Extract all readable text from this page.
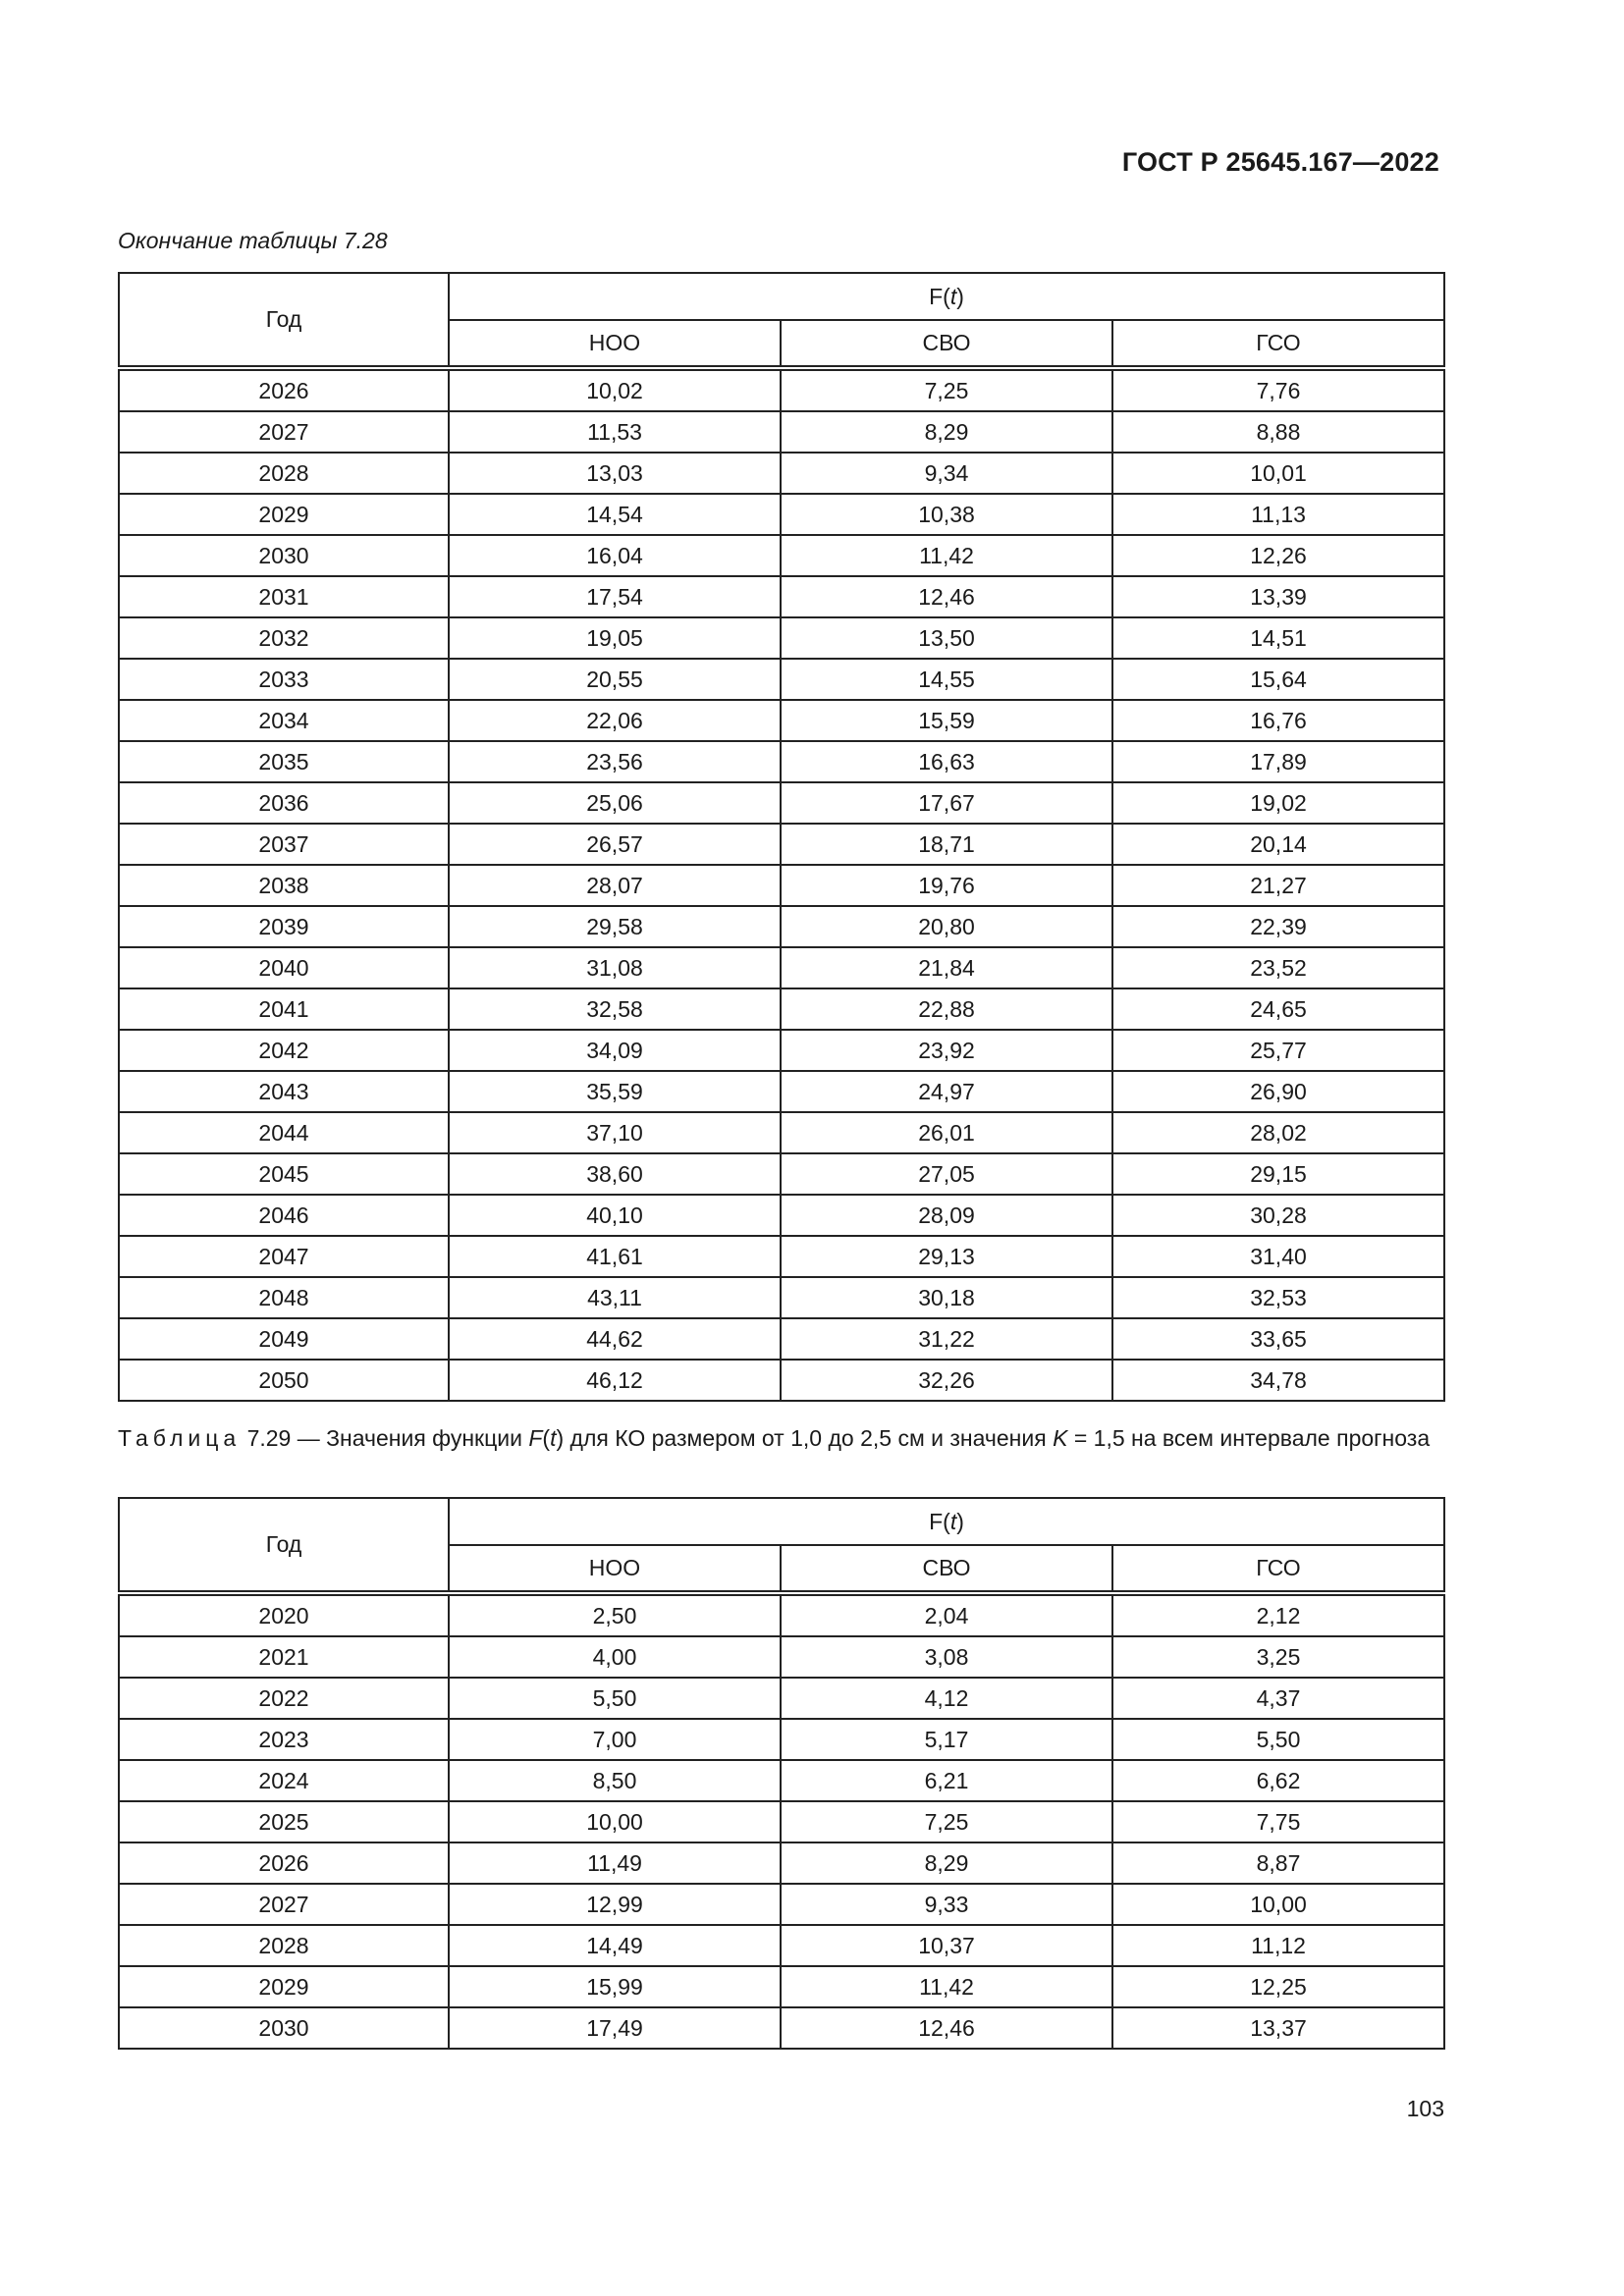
ГОСТ Р 25645.167—2022
Окончание таблицы 7.28
Год	F(t)		
	НОО	СВО	ГСО
2026	10,02	7,25	7,76
2027	11,53	8,29	8,88
2028	13,03	9,34	10,01
2029	14,54	10,38	11,13
2030	16,04	11,42	12,26
2031	17,54	12,46	13,39
2032	19,05	13,50	14,51
2033	20,55	14,55	15,64
2034	22,06	15,59	16,76
2035	23,56	16,63	17,89
2036	25,06	17,67	19,02
2037	26,57	18,71	20,14
2038	28,07	19,76	21,27
2039	29,58	20,80	22,39
2040	31,08	21,84	23,52
2041	32,58	22,88	24,65
2042	34,09	23,92	25,77
2043	35,59	24,97	26,90
2044	37,10	26,01	28,02
2045	38,60	27,05	29,15
2046	40,10	28,09	30,28
2047	41,61	29,13	31,40
2048	43,11	30,18	32,53
2049	44,62	31,22	33,65
2050	46,12	32,26	34,78
Таблица 7.29 — Значения функции F(t) для КО размером от 1,0 до 2,5 см и значения K = 1,5 на всем интервале прогноза
Год	F(t)		
	НОО	СВО	ГСО
2020	2,50	2,04	2,12
2021	4,00	3,08	3,25
2022	5,50	4,12	4,37
2023	7,00	5,17	5,50
2024	8,50	6,21	6,62
2025	10,00	7,25	7,75
2026	11,49	8,29	8,87
2027	12,99	9,33	10,00
2028	14,49	10,37	11,12
2029	15,99	11,42	12,25
2030	17,49	12,46	13,37
103
